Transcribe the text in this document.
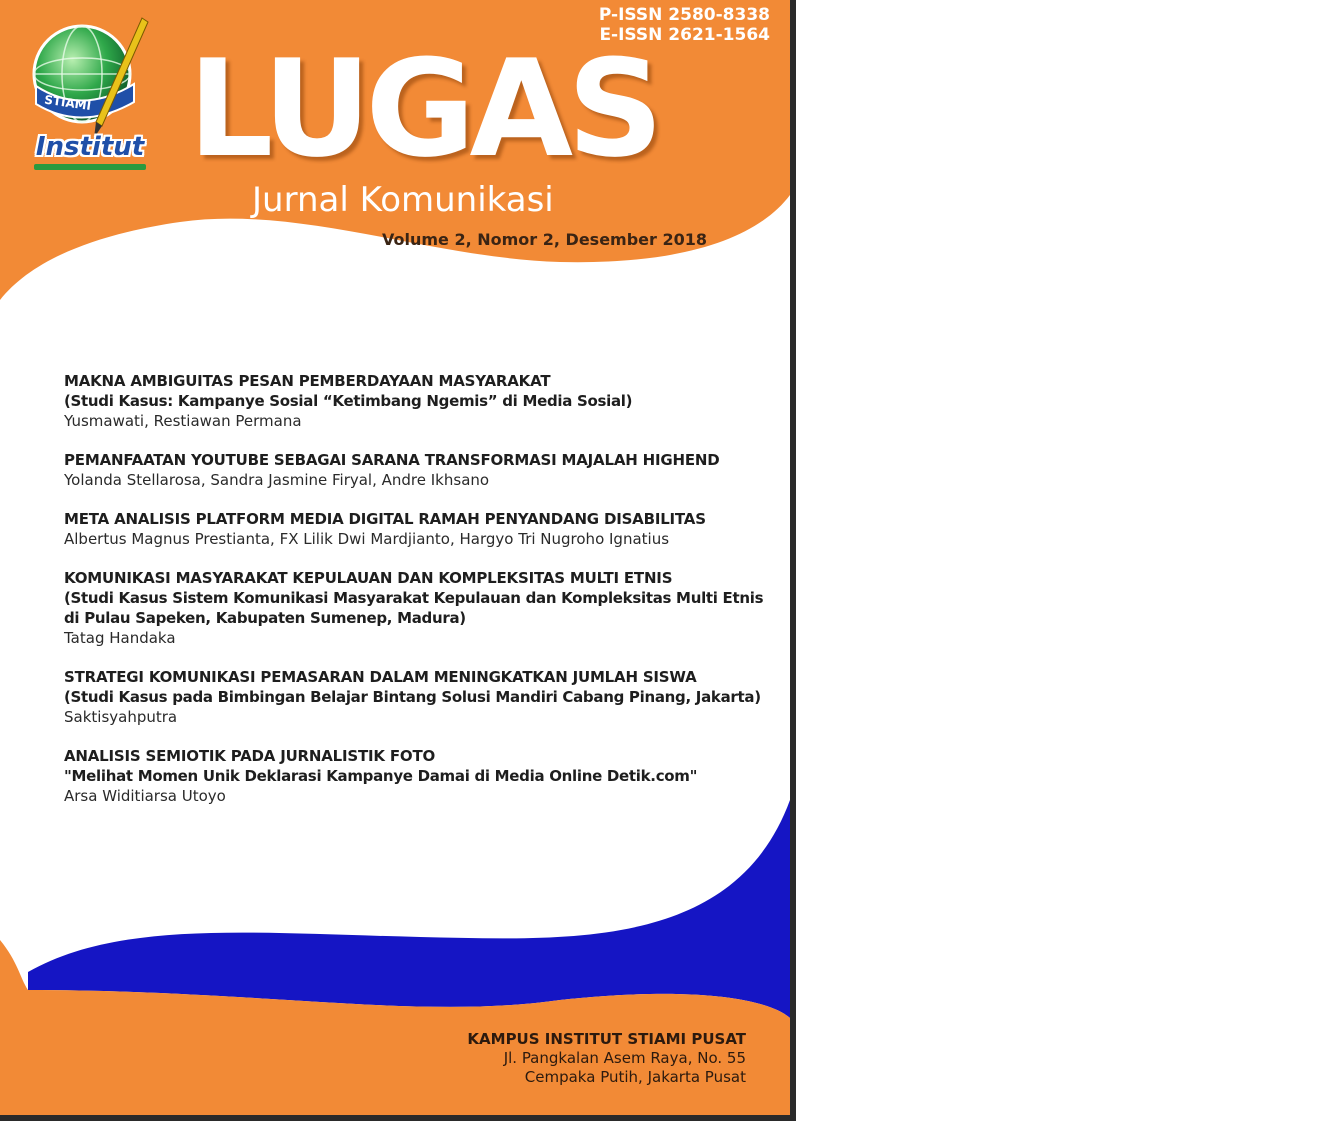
STIAMI
Institut
P-ISSN 2580-8338
E-ISSN 2621-1564
LUGAS
Jurnal Komunikasi
Volume 2, Nomor 2, Desember 2018
MAKNA AMBIGUITAS PESAN PEMBERDAYAAN MASYARAKAT
(Studi Kasus: Kampanye Sosial “Ketimbang Ngemis” di Media Sosial)
Yusmawati, Restiawan Permana
PEMANFAATAN YOUTUBE SEBAGAI SARANA TRANSFORMASI MAJALAH HIGHEND
Yolanda Stellarosa, Sandra Jasmine Firyal, Andre Ikhsano
META ANALISIS PLATFORM MEDIA DIGITAL RAMAH PENYANDANG DISABILITAS
Albertus Magnus Prestianta, FX Lilik Dwi Mardjianto, Hargyo Tri Nugroho Ignatius
KOMUNIKASI MASYARAKAT KEPULAUAN DAN KOMPLEKSITAS MULTI ETNIS
(Studi Kasus Sistem Komunikasi Masyarakat Kepulauan dan Kompleksitas Multi Etnis
di Pulau Sapeken, Kabupaten Sumenep, Madura)
Tatag Handaka
STRATEGI KOMUNIKASI PEMASARAN DALAM MENINGKATKAN JUMLAH SISWA
(Studi Kasus pada Bimbingan Belajar Bintang Solusi Mandiri Cabang Pinang, Jakarta)
Saktisyahputra
ANALISIS SEMIOTIK PADA JURNALISTIK FOTO
"Melihat Momen Unik Deklarasi Kampanye Damai di Media Online Detik.com"
Arsa Widitiarsa Utoyo
KAMPUS INSTITUT STIAMI PUSAT
Jl. Pangkalan Asem Raya, No. 55
Cempaka Putih, Jakarta Pusat
